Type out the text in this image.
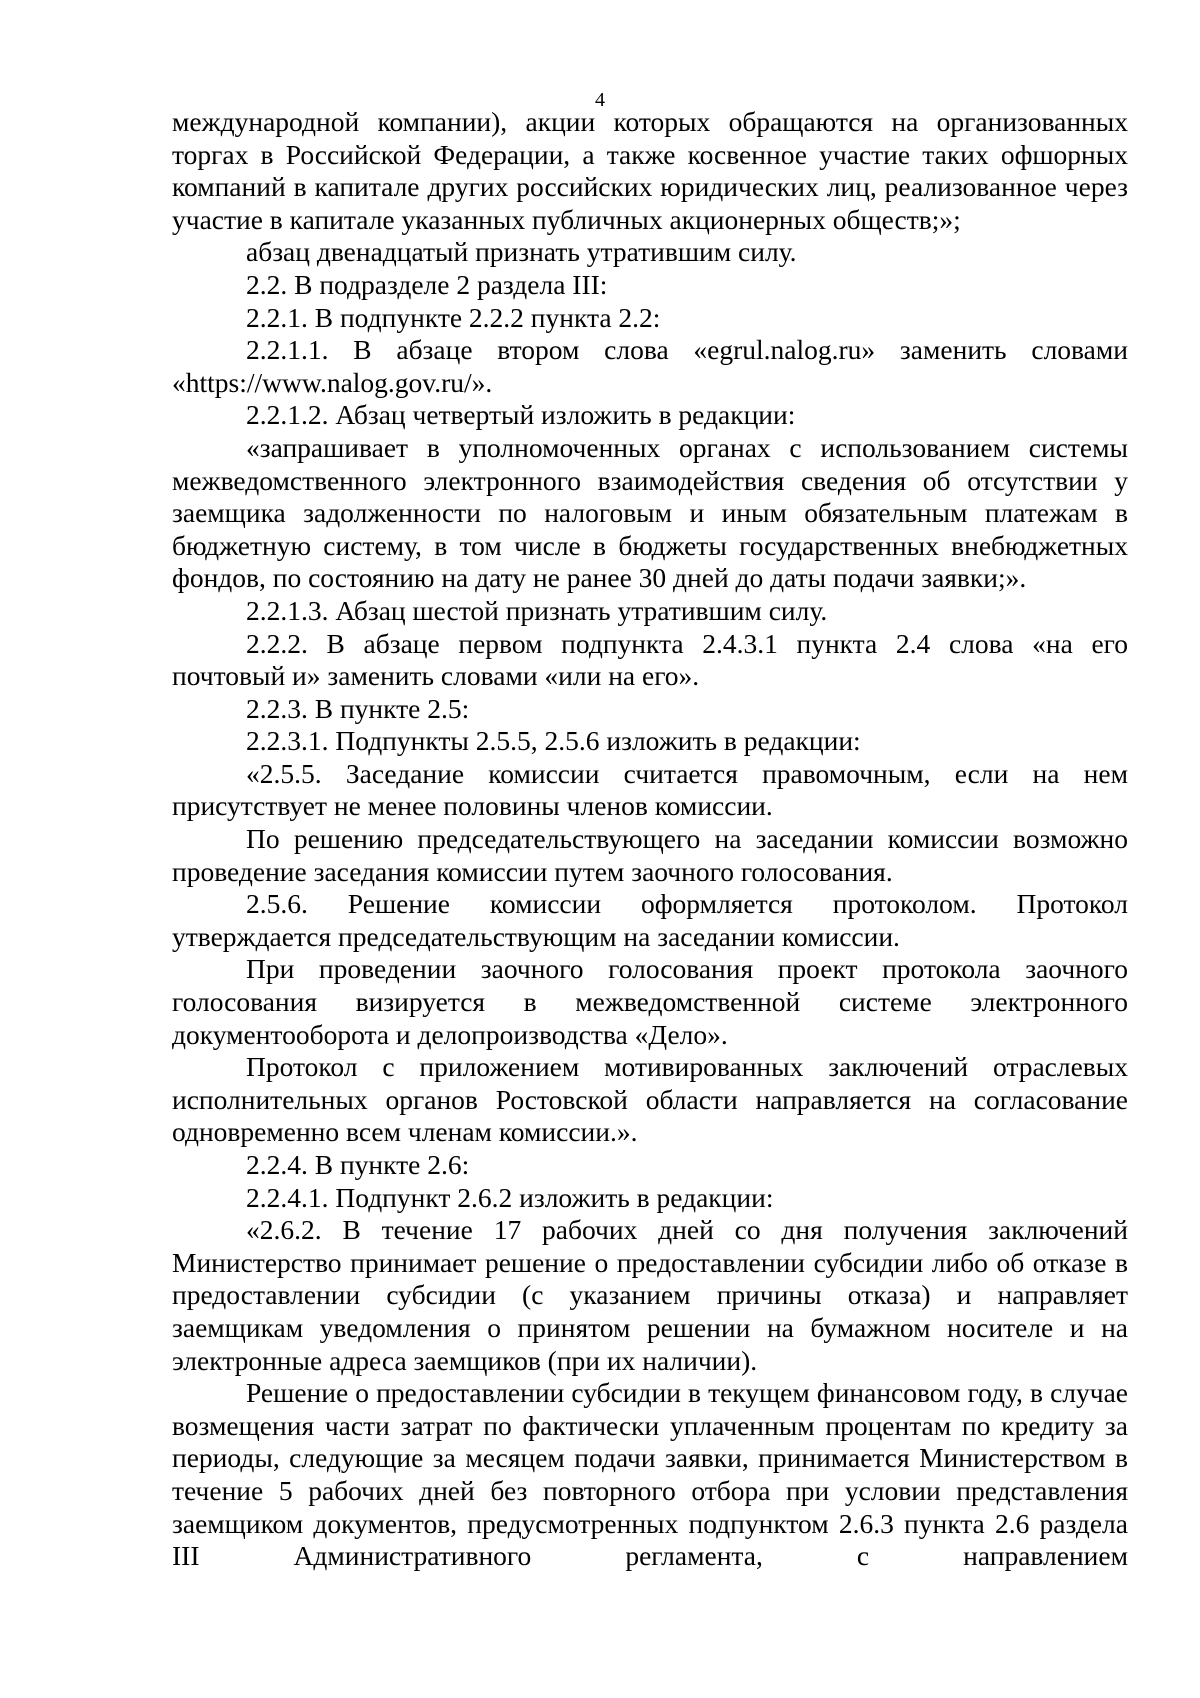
4

международной компании), акции которых обращаются на организованных торгах в Российской Федерации, а также косвенное участие таких офшорных компаний в капитале других российских юридических лиц, реализованное через участие в капитале указанных публичных акционерных обществ;»;

абзац двенадцатый признать утратившим силу.

2.2. В подразделе 2 раздела III:

2.2.1. В подпункте 2.2.2 пункта 2.2:

2.2.1.1. В абзаце втором слова «egrul.nalog.ru» заменить словами «https://www.nalog.gov.ru/».

2.2.1.2. Абзац четвертый изложить в редакции:

«запрашивает в уполномоченных органах с использованием системы межведомственного электронного взаимодействия сведения об отсутствии у заемщика задолженности по налоговым и иным обязательным платежам в бюджетную систему, в том числе в бюджеты государственных внебюджетных фондов, по состоянию на дату не ранее 30 дней до даты подачи заявки;».

2.2.1.3. Абзац шестой признать утратившим силу.

2.2.2. В абзаце первом подпункта 2.4.3.1 пункта 2.4 слова «на его почтовый и» заменить словами «или на его».

2.2.3. В пункте 2.5:

2.2.3.1. Подпункты 2.5.5, 2.5.6 изложить в редакции:

«2.5.5. Заседание комиссии считается правомочным, если на нем присутствует не менее половины членов комиссии.

По решению председательствующего на заседании комиссии возможно проведение заседания комиссии путем заочного голосования.

2.5.6. Решение комиссии оформляется протоколом. Протокол утверждается председательствующим на заседании комиссии.

При проведении заочного голосования проект протокола заочного голосования визируется в межведомственной системе электронного документооборота и делопроизводства «Дело».

Протокол с приложением мотивированных заключений отраслевых исполнительных органов Ростовской области направляется на согласование одновременно всем членам комиссии.».

2.2.4. В пункте 2.6:

2.2.4.1. Подпункт 2.6.2 изложить в редакции:

«2.6.2. В течение 17 рабочих дней со дня получения заключений Министерство принимает решение о предоставлении субсидии либо об отказе в предоставлении субсидии (с указанием причины отказа) и направляет заемщикам уведомления о принятом решении на бумажном носителе и на электронные адреса заемщиков (при их наличии).

Решение о предоставлении субсидии в текущем финансовом году, в случае возмещения части затрат по фактически уплаченным процентам по кредиту за периоды, следующие за месяцем подачи заявки, принимается Министерством в течение 5 рабочих дней без повторного отбора при условии представления заемщиком документов, предусмотренных подпунктом 2.6.3 пункта 2.6 раздела III Административного регламента, с направлением
